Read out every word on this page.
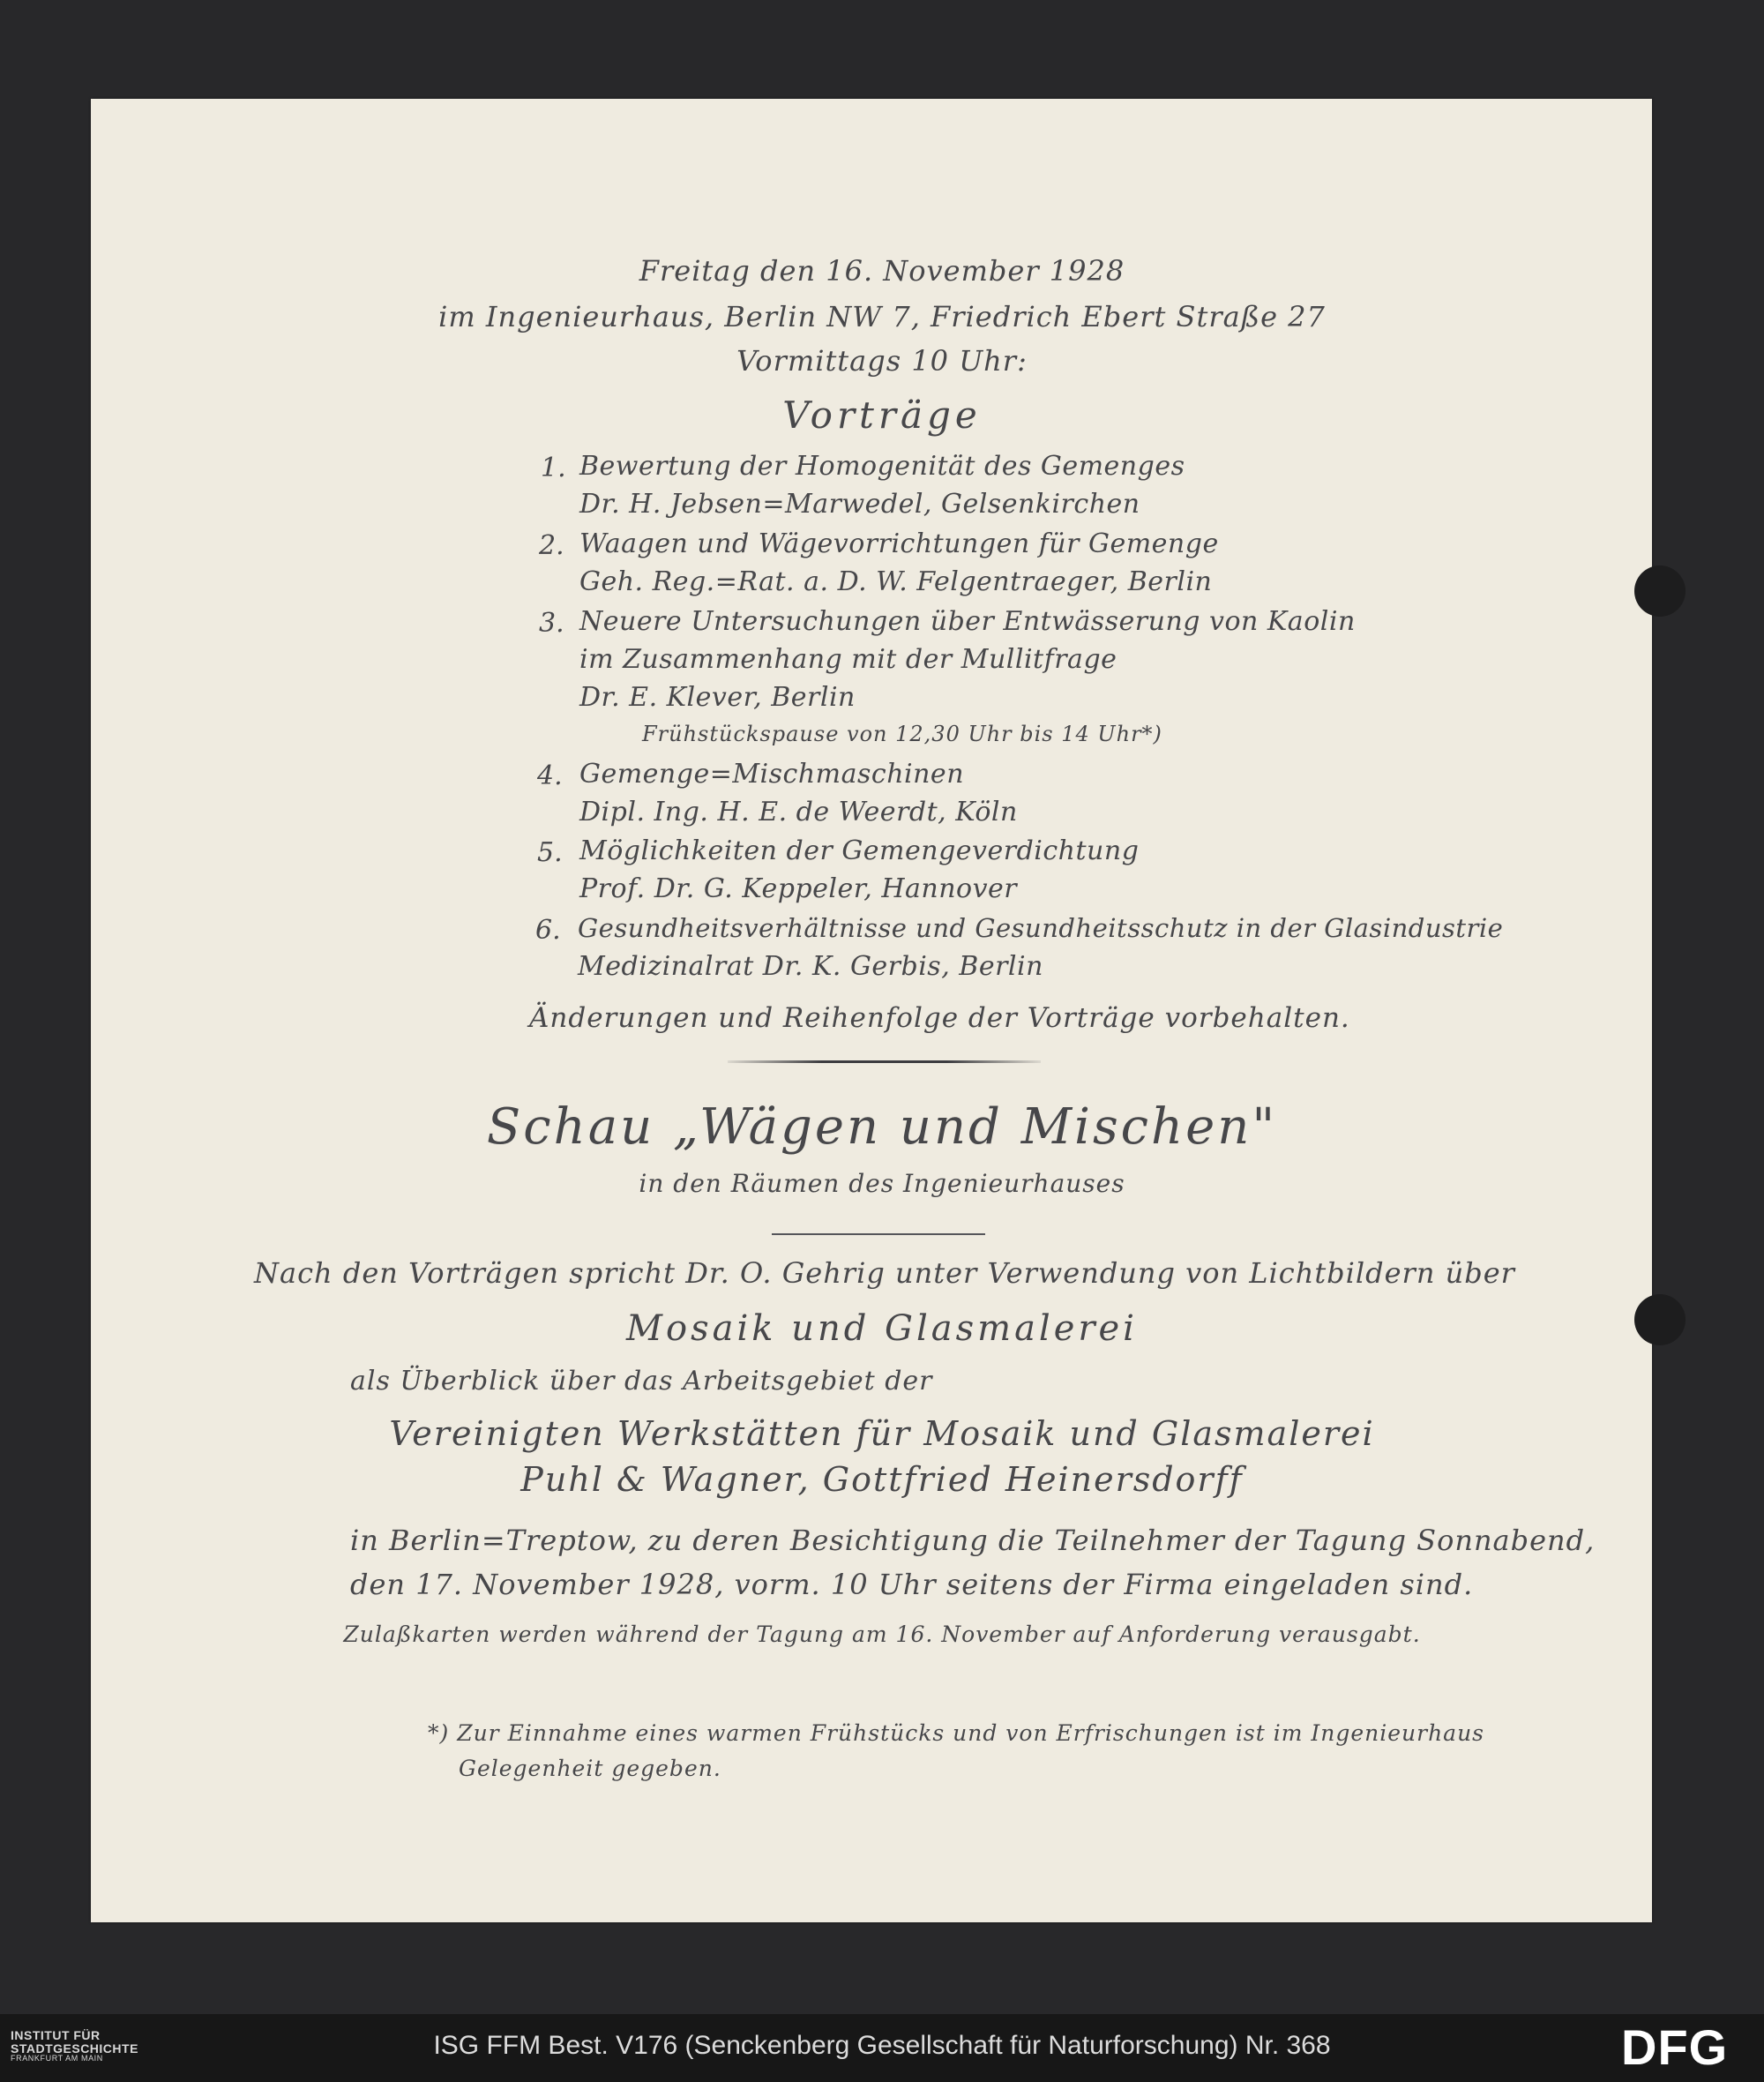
Freitag den 16. November 1928
im Ingenieurhaus, Berlin NW 7, Friedrich Ebert Straße 27
Vormittags 10 Uhr:
Vorträge
1. Bewertung der Homogenität des Gemenges
Dr. H. Jebsen=Marwedel, Gelsenkirchen
2. Waagen und Wägevorrichtungen für Gemenge
Geh. Reg.=Rat. a. D. W. Felgentraeger, Berlin
3. Neuere Untersuchungen über Entwässerung von Kaolin
im Zusammenhang mit der Mullitfrage
Dr. E. Klever, Berlin
Frühstückspause von 12,30 Uhr bis 14 Uhr*)
4. Gemenge=Mischmaschinen
Dipl. Ing. H. E. de Weerdt, Köln
5. Möglichkeiten der Gemengeverdichtung
Prof. Dr. G. Keppeler, Hannover
6. Gesundheitsverhältnisse und Gesundheitsschutz in der Glasindustrie
Medizinalrat Dr. K. Gerbis, Berlin
Änderungen und Reihenfolge der Vorträge vorbehalten.
Schau „Wägen und Mischen"
in den Räumen des Ingenieurhauses
Nach den Vorträgen spricht Dr. O. Gehrig unter Verwendung von Lichtbildern über
Mosaik und Glasmalerei
als Überblick über das Arbeitsgebiet der
Vereinigten Werkstätten für Mosaik und Glasmalerei
Puhl & Wagner, Gottfried Heinersdorff
in Berlin=Treptow, zu deren Besichtigung die Teilnehmer der Tagung Sonnabend,
den 17. November 1928, vorm. 10 Uhr seitens der Firma eingeladen sind.
Zulaßkarten werden während der Tagung am 16. November auf Anforderung verausgabt.
*) Zur Einnahme eines warmen Frühstücks und von Erfrischungen ist im Ingenieurhaus
Gelegenheit gegeben.
INSTITUT FÜR
STADTGESCHICHTE
FRANKFURT AM MAIN	ISG FFM Best. V176 (Senckenberg Gesellschaft für Naturforschung) Nr. 368	DFG
